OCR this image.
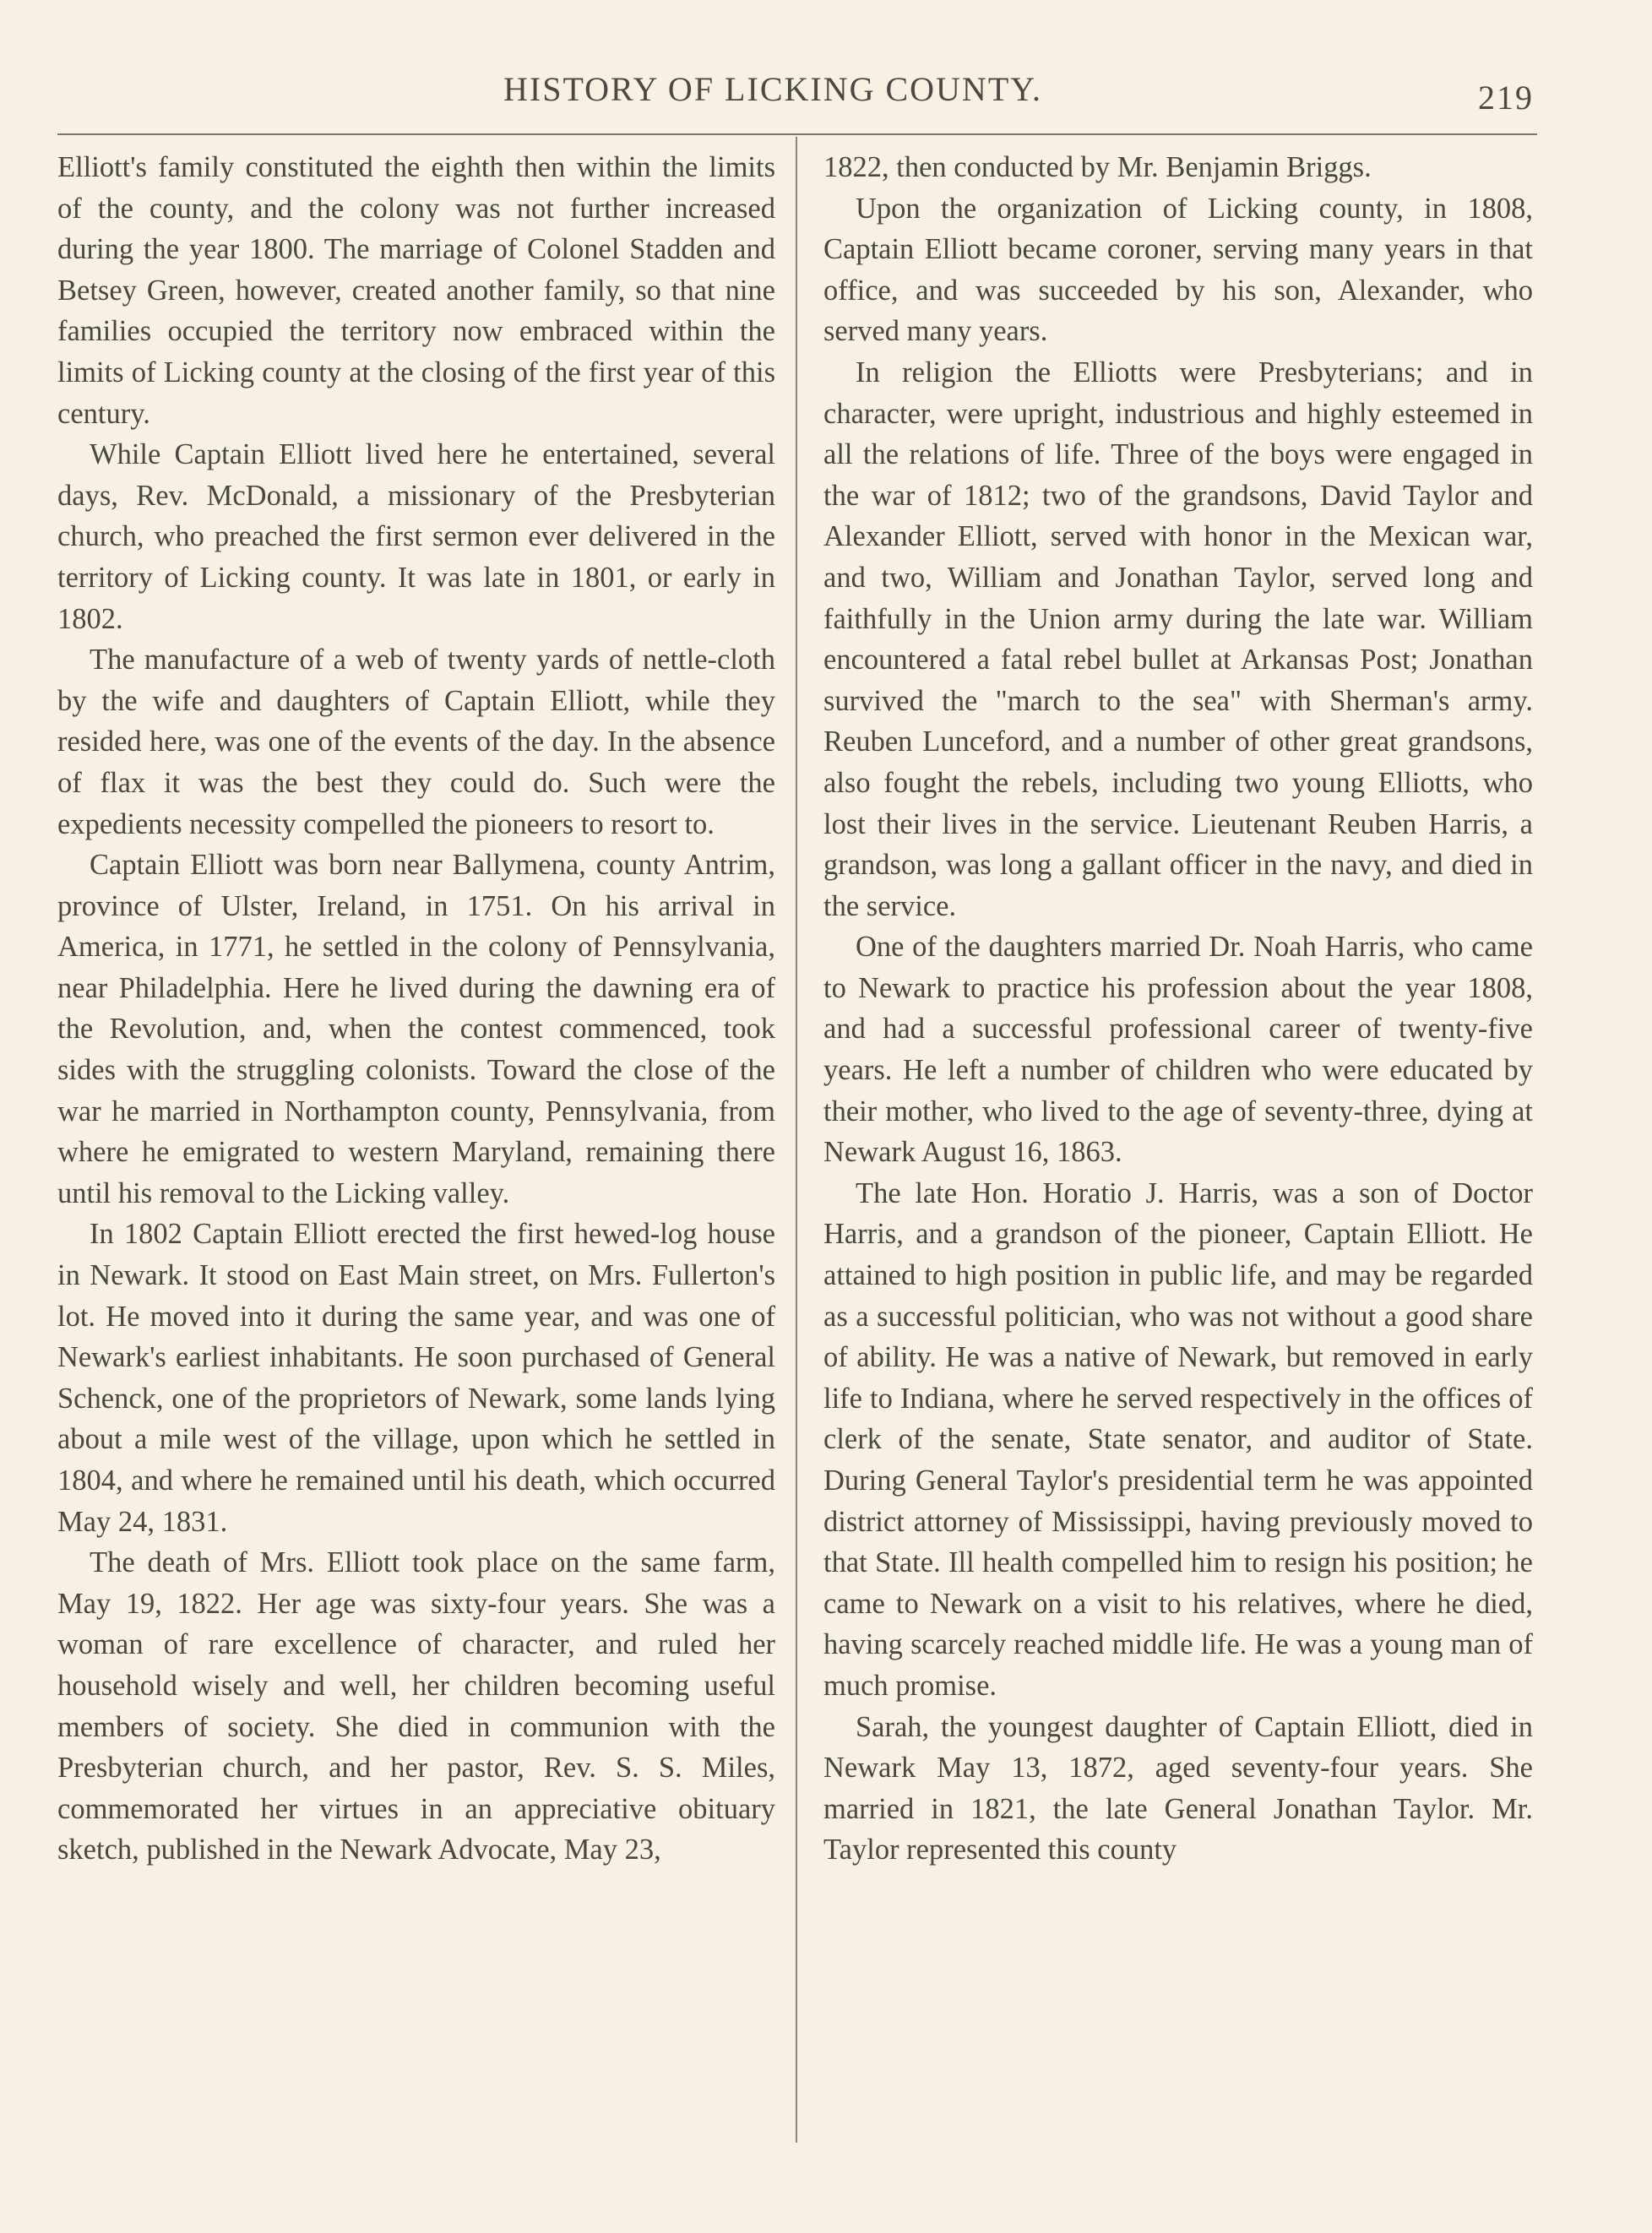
HISTORY OF LICKING COUNTY.	219

Elliott's family constituted the eighth then within the limits of the county, and the colony was not further increased during the year 1800. The marriage of Colonel Stadden and Betsey Green, however, created another family, so that nine families occupied the territory now embraced within the limits of Licking county at the closing of the first year of this century.

While Captain Elliott lived here he entertained, several days, Rev. McDonald, a missionary of the Presbyterian church, who preached the first sermon ever delivered in the territory of Licking county. It was late in 1801, or early in 1802.

The manufacture of a web of twenty yards of nettle-cloth by the wife and daughters of Captain Elliott, while they resided here, was one of the events of the day. In the absence of flax it was the best they could do. Such were the expedients necessity compelled the pioneers to resort to.

Captain Elliott was born near Ballymena, county Antrim, province of Ulster, Ireland, in 1751. On his arrival in America, in 1771, he settled in the colony of Pennsylvania, near Philadelphia. Here he lived during the dawning era of the Revolution, and, when the contest commenced, took sides with the struggling colonists. Toward the close of the war he married in Northampton county, Pennsylvania, from where he emigrated to western Maryland, remaining there until his removal to the Licking valley.

In 1802 Captain Elliott erected the first hewed-log house in Newark. It stood on East Main street, on Mrs. Fullerton's lot. He moved into it during the same year, and was one of Newark's earliest inhabitants. He soon purchased of General Schenck, one of the proprietors of Newark, some lands lying about a mile west of the village, upon which he settled in 1804, and where he remained until his death, which occurred May 24, 1831.

The death of Mrs. Elliott took place on the same farm, May 19, 1822. Her age was sixty-four years. She was a woman of rare excellence of character, and ruled her household wisely and well, her children becoming useful members of society. She died in communion with the Presbyterian church, and her pastor, Rev. S. S. Miles, commemorated her virtues in an appreciative obituary sketch, published in the Newark Advocate, May 23,

1822, then conducted by Mr. Benjamin Briggs.

Upon the organization of Licking county, in 1808, Captain Elliott became coroner, serving many years in that office, and was succeeded by his son, Alexander, who served many years.

In religion the Elliotts were Presbyterians; and in character, were upright, industrious and highly esteemed in all the relations of life. Three of the boys were engaged in the war of 1812; two of the grandsons, David Taylor and Alexander Elliott, served with honor in the Mexican war, and two, William and Jonathan Taylor, served long and faithfully in the Union army during the late war. William encountered a fatal rebel bullet at Arkansas Post; Jonathan survived the "march to the sea" with Sherman's army. Reuben Lunceford, and a number of other great grandsons, also fought the rebels, including two young Elliotts, who lost their lives in the service. Lieutenant Reuben Harris, a grandson, was long a gallant officer in the navy, and died in the service.

One of the daughters married Dr. Noah Harris, who came to Newark to practice his profession about the year 1808, and had a successful professional career of twenty-five years. He left a number of children who were educated by their mother, who lived to the age of seventy-three, dying at Newark August 16, 1863.

The late Hon. Horatio J. Harris, was a son of Doctor Harris, and a grandson of the pioneer, Captain Elliott. He attained to high position in public life, and may be regarded as a successful politician, who was not without a good share of ability. He was a native of Newark, but removed in early life to Indiana, where he served respectively in the offices of clerk of the senate, State senator, and auditor of State. During General Taylor's presidential term he was appointed district attorney of Mississippi, having previously moved to that State. Ill health compelled him to resign his position; he came to Newark on a visit to his relatives, where he died, having scarcely reached middle life. He was a young man of much promise.

Sarah, the youngest daughter of Captain Elliott, died in Newark May 13, 1872, aged seventy-four years. She married in 1821, the late General Jonathan Taylor. Mr. Taylor represented this county
